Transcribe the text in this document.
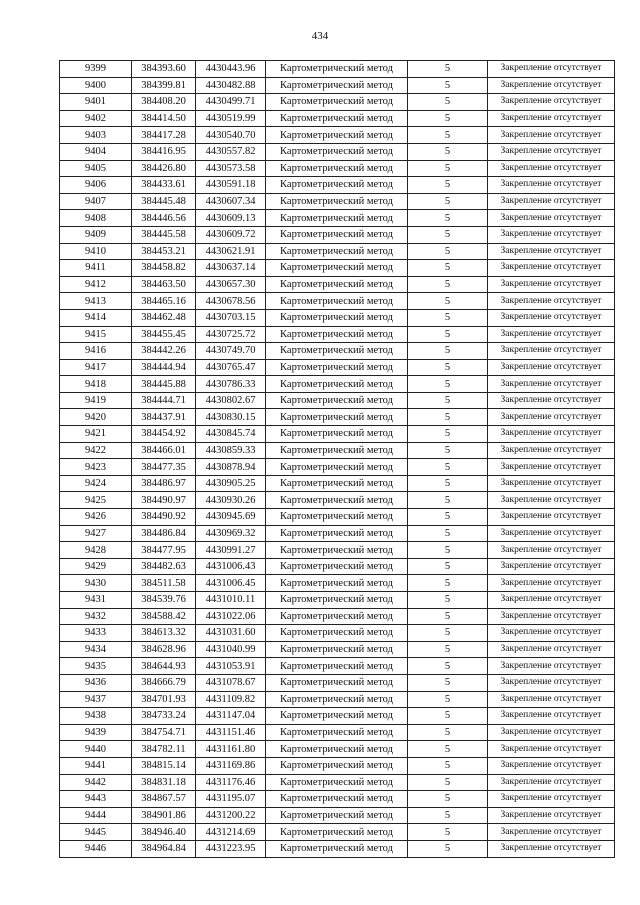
434
9399	384393.60	4430443.96	Картометрический метод	5	Закрепление отсутствует
9400	384399.81	4430482.88	Картометрический метод	5	Закрепление отсутствует
9401	384408.20	4430499.71	Картометрический метод	5	Закрепление отсутствует
9402	384414.50	4430519.99	Картометрический метод	5	Закрепление отсутствует
9403	384417.28	4430540.70	Картометрический метод	5	Закрепление отсутствует
9404	384416.95	4430557.82	Картометрический метод	5	Закрепление отсутствует
9405	384426.80	4430573.58	Картометрический метод	5	Закрепление отсутствует
9406	384433.61	4430591.18	Картометрический метод	5	Закрепление отсутствует
9407	384445.48	4430607.34	Картометрический метод	5	Закрепление отсутствует
9408	384446.56	4430609.13	Картометрический метод	5	Закрепление отсутствует
9409	384445.58	4430609.72	Картометрический метод	5	Закрепление отсутствует
9410	384453.21	4430621.91	Картометрический метод	5	Закрепление отсутствует
9411	384458.82	4430637.14	Картометрический метод	5	Закрепление отсутствует
9412	384463.50	4430657.30	Картометрический метод	5	Закрепление отсутствует
9413	384465.16	4430678.56	Картометрический метод	5	Закрепление отсутствует
9414	384462.48	4430703.15	Картометрический метод	5	Закрепление отсутствует
9415	384455.45	4430725.72	Картометрический метод	5	Закрепление отсутствует
9416	384442.26	4430749.70	Картометрический метод	5	Закрепление отсутствует
9417	384444.94	4430765.47	Картометрический метод	5	Закрепление отсутствует
9418	384445.88	4430786.33	Картометрический метод	5	Закрепление отсутствует
9419	384444.71	4430802.67	Картометрический метод	5	Закрепление отсутствует
9420	384437.91	4430830.15	Картометрический метод	5	Закрепление отсутствует
9421	384454.92	4430845.74	Картометрический метод	5	Закрепление отсутствует
9422	384466.01	4430859.33	Картометрический метод	5	Закрепление отсутствует
9423	384477.35	4430878.94	Картометрический метод	5	Закрепление отсутствует
9424	384486.97	4430905.25	Картометрический метод	5	Закрепление отсутствует
9425	384490.97	4430930.26	Картометрический метод	5	Закрепление отсутствует
9426	384490.92	4430945.69	Картометрический метод	5	Закрепление отсутствует
9427	384486.84	4430969.32	Картометрический метод	5	Закрепление отсутствует
9428	384477.95	4430991.27	Картометрический метод	5	Закрепление отсутствует
9429	384482.63	4431006.43	Картометрический метод	5	Закрепление отсутствует
9430	384511.58	4431006.45	Картометрический метод	5	Закрепление отсутствует
9431	384539.76	4431010.11	Картометрический метод	5	Закрепление отсутствует
9432	384588.42	4431022.06	Картометрический метод	5	Закрепление отсутствует
9433	384613.32	4431031.60	Картометрический метод	5	Закрепление отсутствует
9434	384628.96	4431040.99	Картометрический метод	5	Закрепление отсутствует
9435	384644.93	4431053.91	Картометрический метод	5	Закрепление отсутствует
9436	384666.79	4431078.67	Картометрический метод	5	Закрепление отсутствует
9437	384701.93	4431109.82	Картометрический метод	5	Закрепление отсутствует
9438	384733.24	4431147.04	Картометрический метод	5	Закрепление отсутствует
9439	384754.71	4431151.46	Картометрический метод	5	Закрепление отсутствует
9440	384782.11	4431161.80	Картометрический метод	5	Закрепление отсутствует
9441	384815.14	4431169.86	Картометрический метод	5	Закрепление отсутствует
9442	384831.18	4431176.46	Картометрический метод	5	Закрепление отсутствует
9443	384867.57	4431195.07	Картометрический метод	5	Закрепление отсутствует
9444	384901.86	4431200.22	Картометрический метод	5	Закрепление отсутствует
9445	384946.40	4431214.69	Картометрический метод	5	Закрепление отсутствует
9446	384964.84	4431223.95	Картометрический метод	5	Закрепление отсутствует
